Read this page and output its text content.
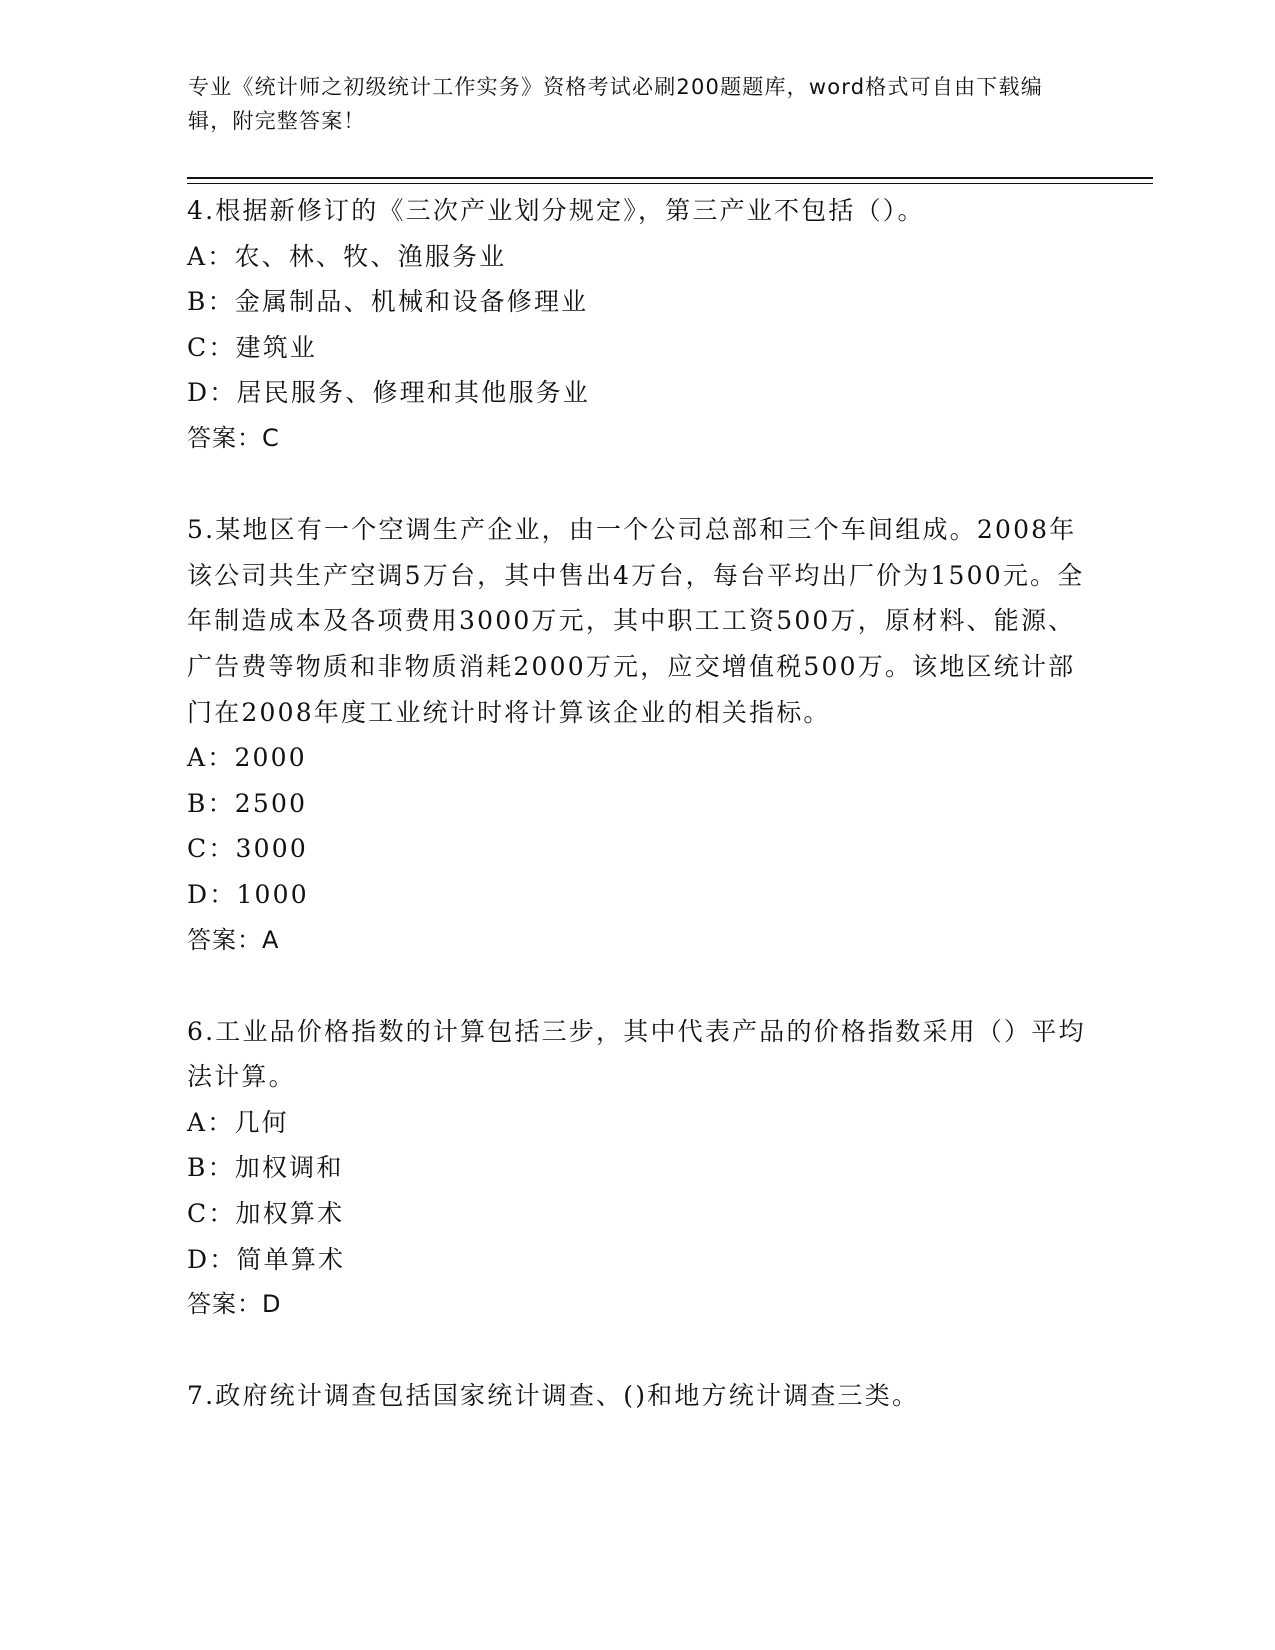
专业《统计师之初级统计工作实务》资格考试必刷200题题库，word格式可自由下载编辑，附完整答案！
4.根据新修订的《三次产业划分规定》，第三产业不包括（）。
A：农、林、牧、渔服务业
B：金属制品、机械和设备修理业
C：建筑业
D：居民服务、修理和其他服务业
答案：C
5.某地区有一个空调生产企业，由一个公司总部和三个车间组成。2008年该公司共生产空调5万台，其中售出4万台，每台平均出厂价为1500元。全年制造成本及各项费用3000万元，其中职工工资500万，原材料、能源、广告费等物质和非物质消耗2000万元，应交增值税500万。该地区统计部门在2008年度工业统计时将计算该企业的相关指标。
A：2000
B：2500
C：3000
D：1000
答案：A
6.工业品价格指数的计算包括三步，其中代表产品的价格指数采用（）平均法计算。
A：几何
B：加权调和
C：加权算术
D：简单算术
答案：D
7.政府统计调查包括国家统计调查、()和地方统计调查三类。
